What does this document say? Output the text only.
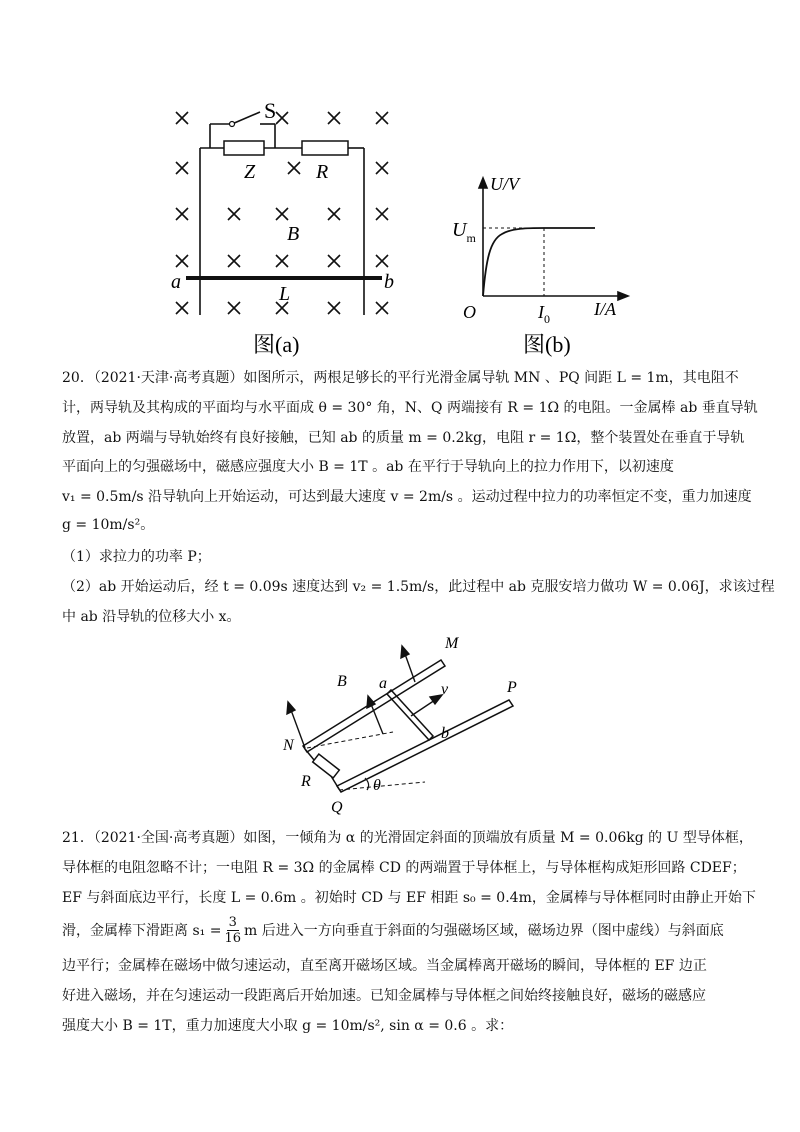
S
Z	R
B
a	b
L
图(a)
U/V
I/A
$U_m$
O	$I_0$
图(b)
20．（2021·天津·高考真题）如图所示，两根足够长的平行光滑金属导轨 MN 、PQ 间距 L = 1m，其电阻不
计，两导轨及其构成的平面均与水平面成 θ = 30° 角，N、Q 两端接有 R = 1Ω 的电阻。一金属棒 ab 垂直导轨
放置，ab 两端与导轨始终有良好接触，已知 ab 的质量 m = 0.2kg，电阻 r = 1Ω，整个装置处在垂直于导轨
平面向上的匀强磁场中，磁感应强度大小 B = 1T 。ab 在平行于导轨向上的拉力作用下，以初速度
v₁ = 0.5m/s 沿导轨向上开始运动，可达到最大速度 v = 2m/s 。运动过程中拉力的功率恒定不变，重力加速度
g = 10m/s²。
（1）求拉力的功率 P；
（2）ab 开始运动后，经 t = 0.09s 速度达到 v₂ = 1.5m/s，此过程中 ab 克服安培力做功 W = 0.06J，求该过程
中 ab 沿导轨的位移大小 x。
M
P
B a	v
b
N
R
Q
θ
21．（2021·全国·高考真题）如图，一倾角为 α 的光滑固定斜面的顶端放有质量 M = 0.06kg 的 U 型导体框，
导体框的电阻忽略不计；一电阻 R = 3Ω 的金属棒 CD 的两端置于导体框上，与导体框构成矩形回路 CDEF；
EF 与斜面底边平行，长度 L = 0.6m 。初始时 CD 与 EF 相距 s₀ = 0.4m，金属棒与导体框同时由静止开始下
滑，金属棒下滑距离 $s_1 = \frac{3}{16}$ m 后进入一方向垂直于斜面的匀强磁场区域，磁场边界（图中虚线）与斜面底
边平行；金属棒在磁场中做匀速运动，直至离开磁场区域。当金属棒离开磁场的瞬间，导体框的 EF 边正
好进入磁场，并在匀速运动一段距离后开始加速。已知金属棒与导体框之间始终接触良好，磁场的磁感应
强度大小 B = 1T，重力加速度大小取 g = 10m/s², sin α = 0.6 。求：
